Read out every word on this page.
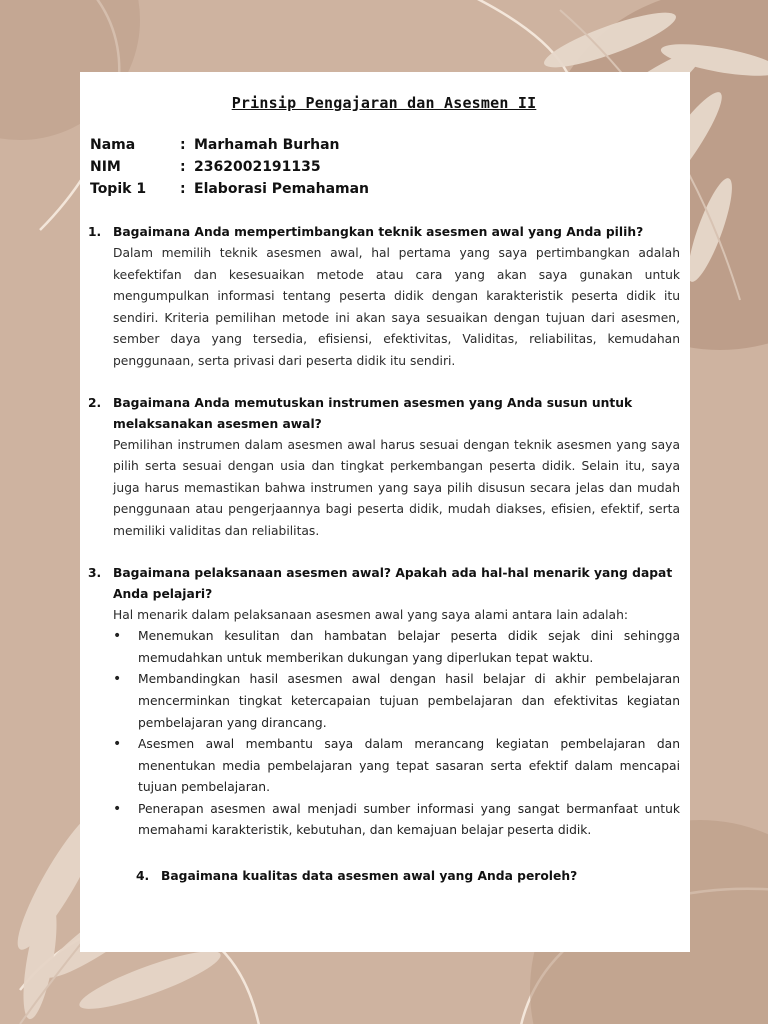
Prinsip Pengajaran dan Asesmen II
Nama	: Marhamah Burhan
NIM	: 2362002191135
Topik 1	: Elaborasi Pemahaman
1. Bagaimana Anda mempertimbangkan teknik asesmen awal yang Anda pilih?
Dalam memilih teknik asesmen awal, hal pertama yang saya pertimbangkan adalah keefektifan dan kesesuaikan metode atau cara yang akan saya gunakan untuk mengumpulkan informasi tentang peserta didik dengan karakteristik peserta didik itu sendiri. Kriteria pemilihan metode ini akan saya sesuaikan dengan tujuan dari asesmen, sember daya yang tersedia, efisiensi, efektivitas, Validitas, reliabilitas, kemudahan penggunaan, serta privasi dari peserta didik itu sendiri.
2. Bagaimana Anda memutuskan instrumen asesmen yang Anda susun untuk melaksanakan asesmen awal?
Pemilihan instrumen dalam asesmen awal harus sesuai dengan teknik asesmen yang saya pilih serta sesuai dengan usia dan tingkat perkembangan peserta didik. Selain itu, saya juga harus memastikan bahwa instrumen yang saya pilih disusun secara jelas dan mudah penggunaan atau pengerjaannya bagi peserta didik, mudah diakses, efisien, efektif, serta memiliki validitas dan reliabilitas.
3. Bagaimana pelaksanaan asesmen awal? Apakah ada hal-hal menarik yang dapat Anda pelajari?
Hal menarik dalam pelaksanaan asesmen awal yang saya alami antara lain adalah:
•	Menemukan kesulitan dan hambatan belajar peserta didik sejak dini sehingga memudahkan untuk memberikan dukungan yang diperlukan tepat waktu.
•	Membandingkan hasil asesmen awal dengan hasil belajar di akhir pembelajaran mencerminkan tingkat ketercapaian tujuan pembelajaran dan efektivitas kegiatan pembelajaran yang dirancang.
•	Asesmen awal membantu saya dalam merancang kegiatan pembelajaran dan menentukan media pembelajaran yang tepat sasaran serta efektif dalam mencapai tujuan pembelajaran.
•	Penerapan asesmen awal menjadi sumber informasi yang sangat bermanfaat untuk memahami karakteristik, kebutuhan, dan kemajuan belajar peserta didik.
4. Bagaimana kualitas data asesmen awal yang Anda peroleh?
